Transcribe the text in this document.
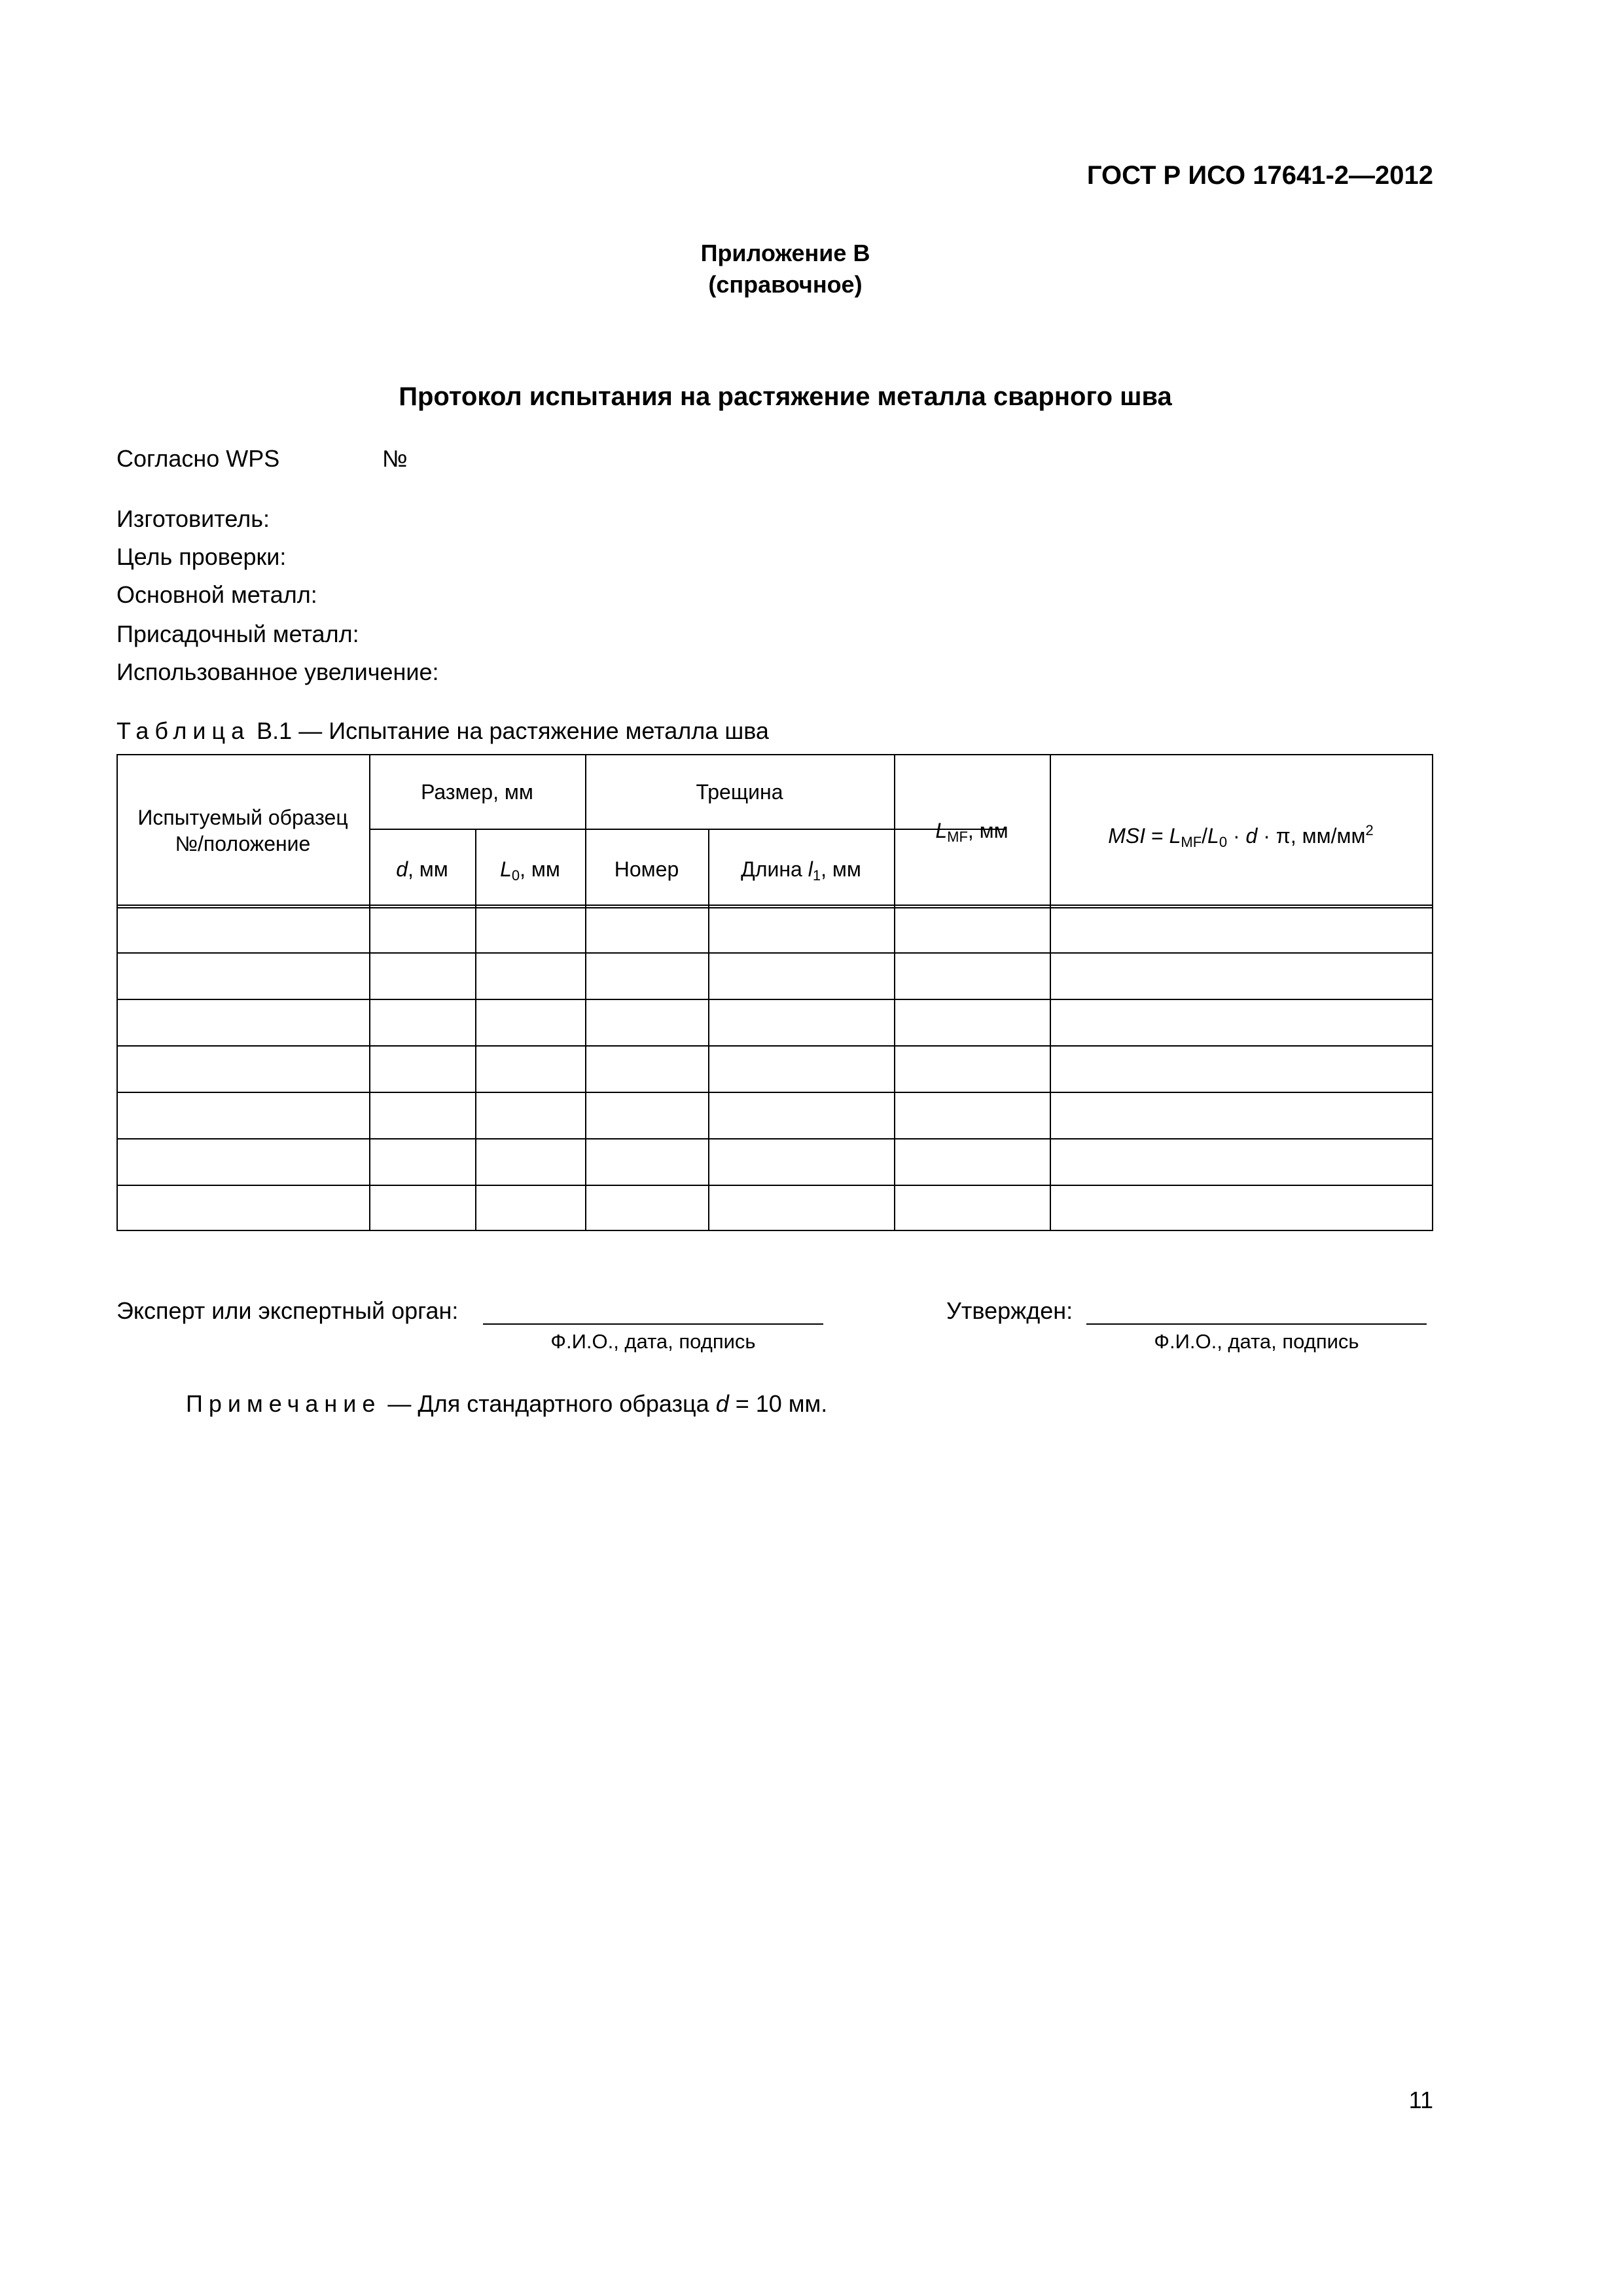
ГОСТ Р ИСО 17641-2—2012
Приложение В
(справочное)
Протокол испытания на растяжение металла сварного шва
Согласно WPS	№
Изготовитель:
Цель проверки:
Основной металл:
Присадочный металл:
Использованное увеличение:
Таблица В.1 — Испытание на растяжение металла шва
Испытуемый образец
№/положение
Размер, мм	Трещина
d, мм	$L_0$, мм	Номер	Длина $l_1$, мм
$L_{MF}$, мм	MSI = $L_{MF}/L_0 \cdot d \cdot \pi$, $мм/мм^2$
Эксперт или экспертный орган:
Ф.И.О., дата, подпись
Утвержден:
Ф.И.О., дата, подпись
Примечание — Для стандартного образца d = 10 мм.
11
